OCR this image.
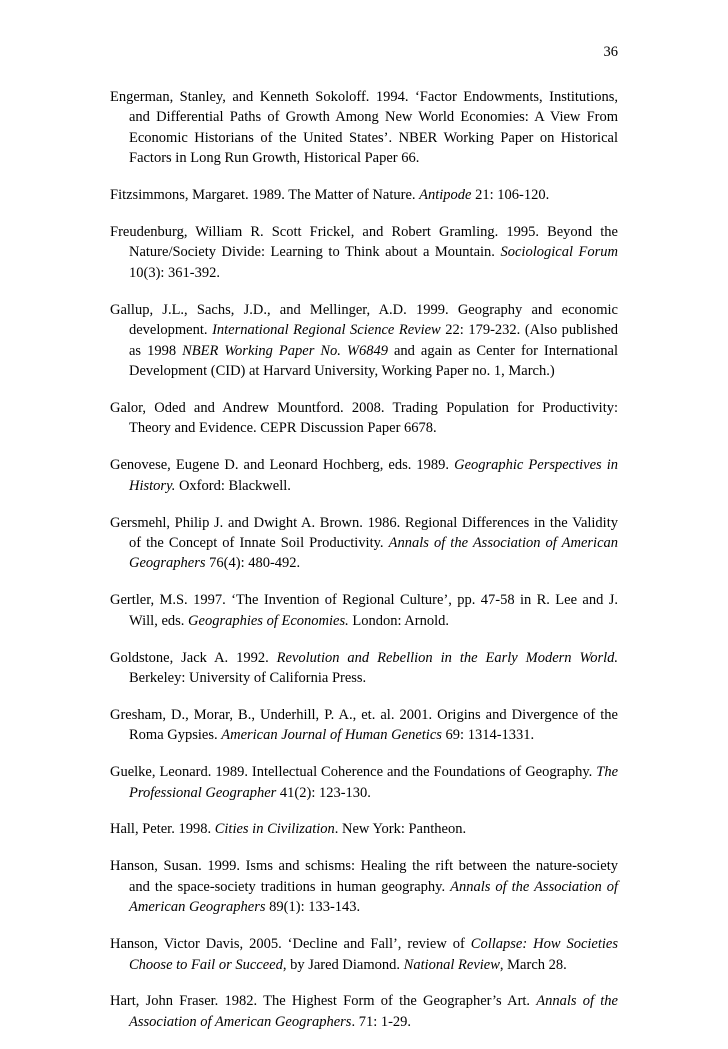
36

Engerman, Stanley, and Kenneth Sokoloff. 1994. ‘Factor Endowments, Institutions, and Differential Paths of Growth Among New World Economies: A View From Economic Historians of the United States’. NBER Working Paper on Historical Factors in Long Run Growth, Historical Paper 66.

Fitzsimmons, Margaret. 1989. The Matter of Nature. Antipode 21: 106-120.

Freudenburg, William R. Scott Frickel, and Robert Gramling. 1995. Beyond the Nature/Society Divide: Learning to Think about a Mountain. Sociological Forum 10(3): 361-392.

Gallup, J.L., Sachs, J.D., and Mellinger, A.D. 1999. Geography and economic development. International Regional Science Review 22: 179-232. (Also published as 1998 NBER Working Paper No. W6849 and again as Center for International Development (CID) at Harvard University, Working Paper no. 1, March.)

Galor, Oded and Andrew Mountford. 2008. Trading Population for Productivity: Theory and Evidence. CEPR Discussion Paper 6678.

Genovese, Eugene D. and Leonard Hochberg, eds. 1989. Geographic Perspectives in History. Oxford: Blackwell.

Gersmehl, Philip J. and Dwight A. Brown. 1986. Regional Differences in the Validity of the Concept of Innate Soil Productivity. Annals of the Association of American Geographers 76(4): 480-492.

Gertler, M.S. 1997. ‘The Invention of Regional Culture’, pp. 47-58 in R. Lee and J. Will, eds. Geographies of Economies. London: Arnold.

Goldstone, Jack A. 1992. Revolution and Rebellion in the Early Modern World. Berkeley: University of California Press.

Gresham, D., Morar, B., Underhill, P. A., et. al. 2001. Origins and Divergence of the Roma Gypsies. American Journal of Human Genetics 69: 1314-1331.

Guelke, Leonard. 1989. Intellectual Coherence and the Foundations of Geography. The Professional Geographer 41(2): 123-130.

Hall, Peter. 1998. Cities in Civilization. New York: Pantheon.

Hanson, Susan. 1999. Isms and schisms: Healing the rift between the nature-society and the space-society traditions in human geography. Annals of the Association of American Geographers 89(1): 133-143.

Hanson, Victor Davis, 2005. ‘Decline and Fall’, review of Collapse: How Societies Choose to Fail or Succeed, by Jared Diamond. National Review, March 28.

Hart, John Fraser. 1982. The Highest Form of the Geographer’s Art. Annals of the Association of American Geographers. 71: 1-29.
